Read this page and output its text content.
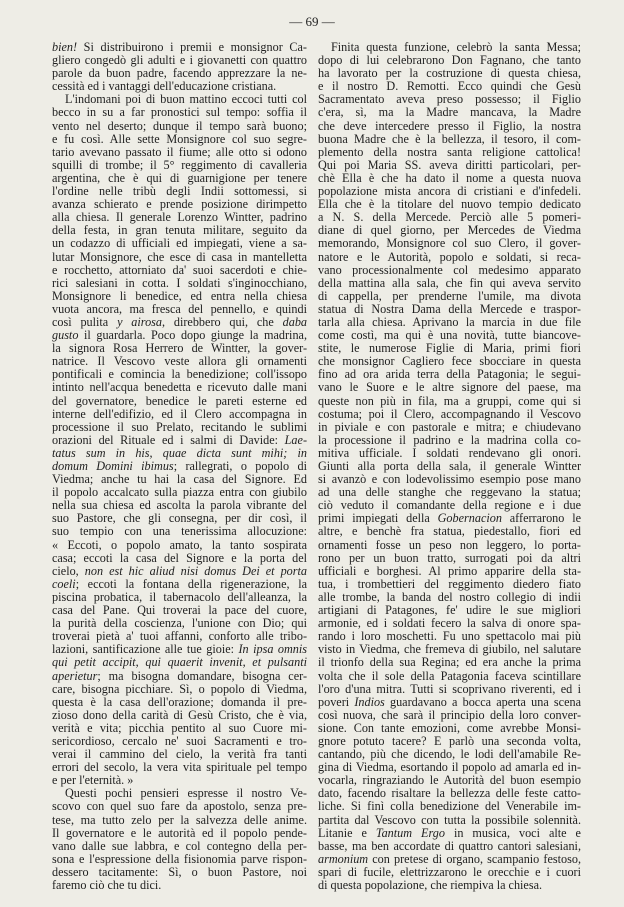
— 69 —
bien! Si distribuirono i premii e monsignor Ca-
gliero congedò gli adulti e i giovanetti con quattro
parole da buon padre, facendo apprezzare la ne-
cessità ed i vantaggi dell'educazione cristiana.
L'indomani poi di buon mattino eccoci tutti col
becco in su a far pronostici sul tempo: soffia il
vento nel deserto; dunque il tempo sarà buono;
e fu così. Alle sette Monsignore col suo segre-
tario avevano passato il fiume; alle otto si odono
squilli di trombe; il 5° reggimento di cavalleria
argentina, che è qui di guarnigione per tenere
l'ordine nelle tribù degli Indii sottomessi, si
avanza schierato e prende posizione dirimpetto
alla chiesa. Il generale Lorenzo Wintter, padrino
della festa, in gran tenuta militare, seguito da
un codazzo di ufficiali ed impiegati, viene a sa-
lutar Monsignore, che esce di casa in mantelletta
e rocchetto, attorniato da' suoi sacerdoti e chie-
rici salesiani in cotta. I soldati s'inginocchiano,
Monsignore li benedice, ed entra nella chiesa
vuota ancora, ma fresca del pennello, e quindi
così pulita y airosa, direbbero qui, che daba
gusto il guardarla. Poco dopo giunge la madrina,
la signora Rosa Herrero de Wintter, la gover-
natrice. Il Vescovo veste allora gli ornamenti
pontificali e comincia la benedizione; coll'issopo
intinto nell'acqua benedetta e ricevuto dalle mani
del governatore, benedice le pareti esterne ed
interne dell'edifizio, ed il Clero accompagna in
processione il suo Prelato, recitando le sublimi
orazioni del Rituale ed i salmi di Davide: Lae-
tatus sum in his, quae dicta sunt mihi; in
domum Domini ibimus; rallegrati, o popolo di
Viedma; anche tu hai la casa del Signore. Ed
il popolo accalcato sulla piazza entra con giubilo
nella sua chiesa ed ascolta la parola vibrante del
suo Pastore, che gli consegna, per dir così, il
suo tempio con una tenerissima allocuzione:
« Eccoti, o popolo amato, la tanto sospirata
casa; eccoti la casa del Signore e la porta del
cielo, non est hic aliud nisi domus Dei et porta
coeli; eccoti la fontana della rigenerazione, la
piscina probatica, il tabernacolo dell'alleanza, la
casa del Pane. Qui troverai la pace del cuore,
la purità della coscienza, l'unione con Dio; qui
troverai pietà a' tuoi affanni, conforto alle tribo-
lazioni, santificazione alle tue gioie: In ipsa omnis
qui petit accipit, qui quaerit invenit, et pulsanti
aperietur; ma bisogna domandare, bisogna cer-
care, bisogna picchiare. Sì, o popolo di Viedma,
questa è la casa dell'orazione; domanda il pre-
zioso dono della carità di Gesù Cristo, che è via,
verità e vita; picchia pentito al suo Cuore mi-
sericordioso, cercalo ne' suoi Sacramenti e tro-
verai il cammino del cielo, la verità fra tanti
errori del secolo, la vera vita spirituale pel tempo
e per l'eternità. »
Questi pochi pensieri espresse il nostro Ve-
scovo con quel suo fare da apostolo, senza pre-
tese, ma tutto zelo per la salvezza delle anime.
Il governatore e le autorità ed il popolo pende-
vano dalle sue labbra, e col contegno della per-
sona e l'espressione della fisionomia parve rispon-
dessero tacitamente: Sì, o buon Pastore, noi
faremo ciò che tu dici.
Finita questa funzione, celebrò la santa Messa;
dopo di lui celebrarono Don Fagnano, che tanto
ha lavorato per la costruzione di questa chiesa,
e il nostro D. Remotti. Ecco quindi che Gesù
Sacramentato aveva preso possesso; il Figlio
c'era, sì, ma la Madre mancava, la Madre
che deve intercedere presso il Figlio, la nostra
buona Madre che è la bellezza, il tesoro, il com-
plemento della nostra santa religione cattolica!
Qui poi Maria SS. aveva diritti particolari, per-
chè Ella è che ha dato il nome a questa nuova
popolazione mista ancora di cristiani e d'infedeli.
Ella che è la titolare del nuovo tempio dedicato
a N. S. della Mercede. Perciò alle 5 pomeri-
diane di quel giorno, per Mercedes de Viedma
memorando, Monsignore col suo Clero, il gover-
natore e le Autorità, popolo e soldati, si reca-
vano processionalmente col medesimo apparato
della mattina alla sala, che fin qui aveva servito
di cappella, per prenderne l'umile, ma divota
statua di Nostra Dama della Mercede e traspor-
tarla alla chiesa. Aprivano la marcia in due file
come costì, ma qui è una novità, tutte biancove-
stite, le numerose Figlie di Maria, primi fiori
che monsignor Cagliero fece sbocciare in questa
fino ad ora arida terra della Patagonia; le segui-
vano le Suore e le altre signore del paese, ma
queste non più in fila, ma a gruppi, come qui si
costuma; poi il Clero, accompagnando il Vescovo
in piviale e con pastorale e mitra; e chiudevano
la processione il padrino e la madrina colla co-
mitiva ufficiale. I soldati rendevano gli onori.
Giunti alla porta della sala, il generale Wintter
si avanzò e con lodevolissimo esempio pose mano
ad una delle stanghe che reggevano la statua;
ciò veduto il comandante della regione e i due
primi impiegati della Gobernacion afferrarono le
altre, e benchè fra statua, piedestallo, fiori ed
ornamenti fosse un peso non leggero, lo porta-
rono per un buon tratto, surrogati poi da altri
ufficiali e borghesi. Al primo apparire della sta-
tua, i trombettieri del reggimento diedero fiato
alle trombe, la banda del nostro collegio di indii
artigiani di Patagones, fe' udire le sue migliori
armonie, ed i soldati fecero la salva di onore spa-
rando i loro moschetti. Fu uno spettacolo mai più
visto in Viedma, che fremeva di giubilo, nel salutare
il trionfo della sua Regina; ed era anche la prima
volta che il sole della Patagonia faceva scintillare
l'oro d'una mitra. Tutti si scoprivano riverenti, ed i
poveri Indios guardavano a bocca aperta una scena
così nuova, che sarà il principio della loro conver-
sione. Con tante emozioni, come avrebbe Monsi-
gnore potuto tacere? E parlò una seconda volta,
cantando, più che dicendo, le lodi dell'amabile Re-
gina di Viedma, esortando il popolo ad amarla ed in-
vocarla, ringraziando le Autorità del buon esempio
dato, facendo risaltare la bellezza delle feste catto-
liche. Si finì colla benedizione del Venerabile im-
partita dal Vescovo con tutta la possibile solennità.
Litanie e Tantum Ergo in musica, voci alte e
basse, ma ben accordate di quattro cantori salesiani,
armonium con pretese di organo, scampanio festoso,
spari di fucile, elettrizzarono le orecchie e i cuori
di questa popolazione, che riempiva la chiesa.
